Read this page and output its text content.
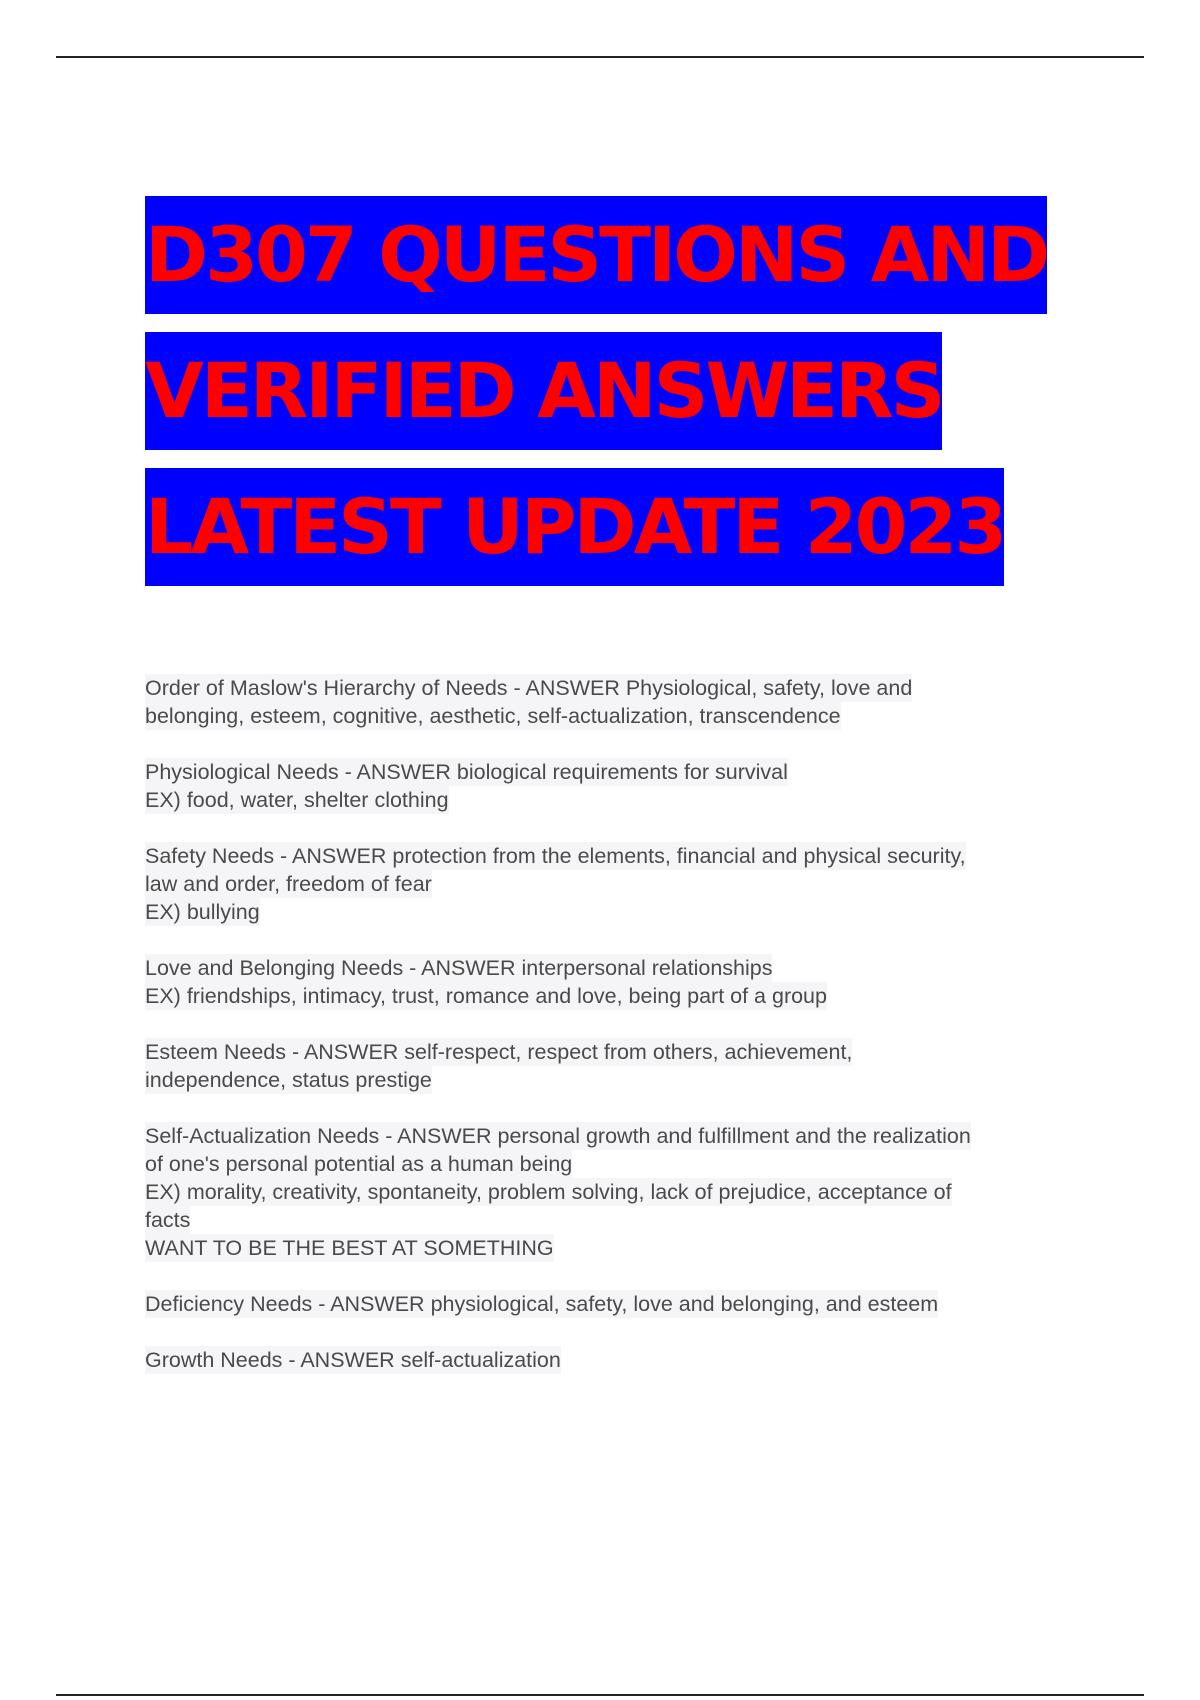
D307 QUESTIONS AND
VERIFIED ANSWERS
LATEST UPDATE 2023
Order of Maslow's Hierarchy of Needs - ANSWER Physiological, safety, love and
belonging, esteem, cognitive, aesthetic, self-actualization, transcendence
Physiological Needs - ANSWER biological requirements for survival
EX) food, water, shelter clothing
Safety Needs - ANSWER protection from the elements, financial and physical security,
law and order, freedom of fear
EX) bullying
Love and Belonging Needs - ANSWER interpersonal relationships
EX) friendships, intimacy, trust, romance and love, being part of a group
Esteem Needs - ANSWER self-respect, respect from others, achievement,
independence, status prestige
Self-Actualization Needs - ANSWER personal growth and fulfillment and the realization
of one's personal potential as a human being
EX) morality, creativity, spontaneity, problem solving, lack of prejudice, acceptance of
facts
WANT TO BE THE BEST AT SOMETHING
Deficiency Needs - ANSWER physiological, safety, love and belonging, and esteem
Growth Needs - ANSWER self-actualization
